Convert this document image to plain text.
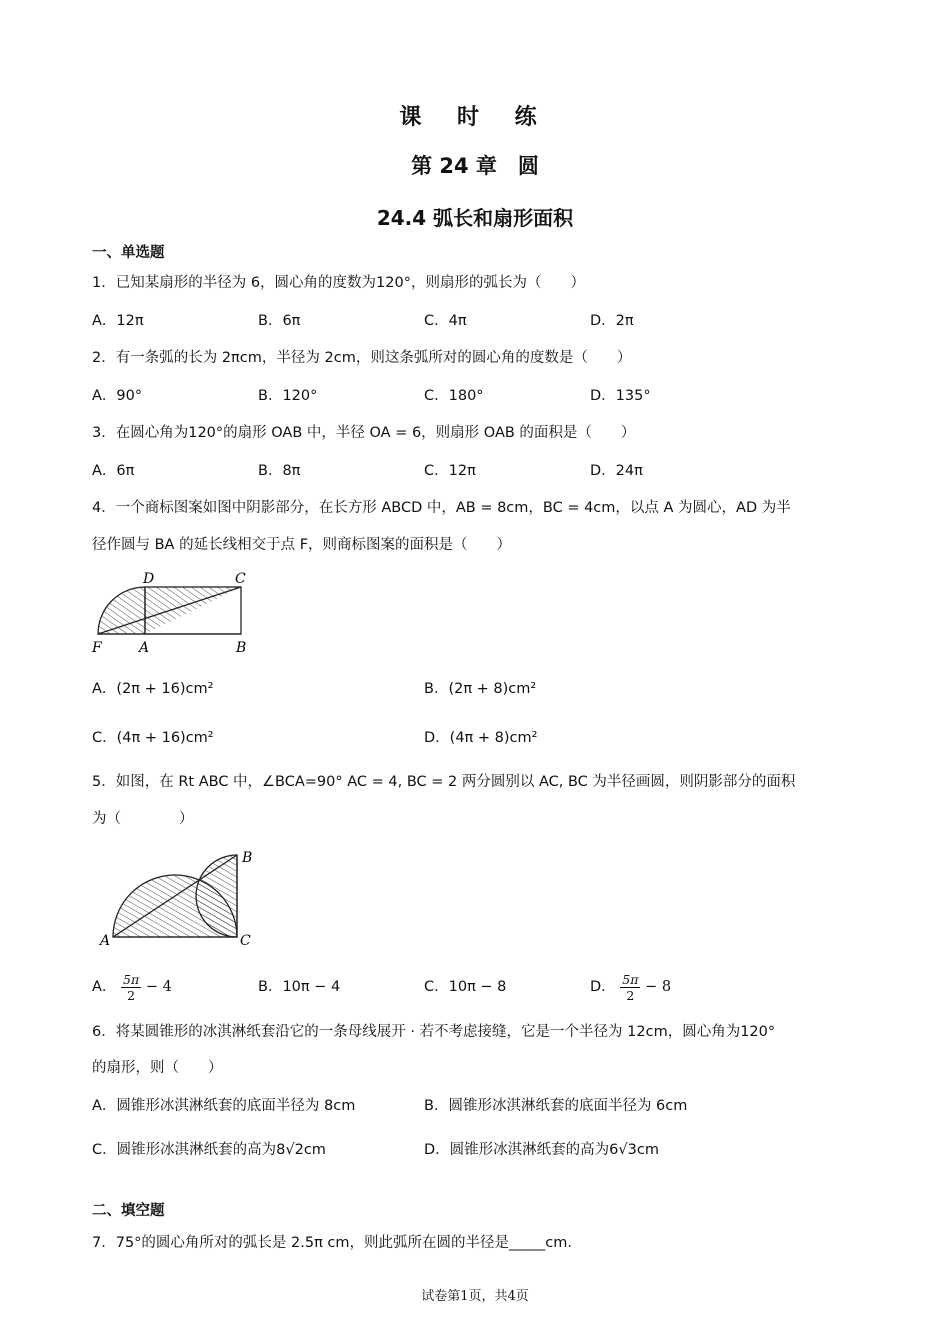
课 时 练
第 24 章　圆
24.4 弧长和扇形面积
一、单选题
1．已知某扇形的半径为 6，圆心角的度数为120°，则扇形的弧长为（　　）
A．12π	B．6π	C．4π	D．2π
2．有一条弧的长为 2πcm，半径为 2cm，则这条弧所对的圆心角的度数是（　　）
A．90°	B．120°	C．180°	D．135°
3．在圆心角为120°的扇形 OAB 中，半径 OA = 6，则扇形 OAB 的面积是（　　）
A．6π	B．8π	C．12π	D．24π
4．一个商标图案如图中阴影部分，在长方形 ABCD 中，AB = 8cm，BC = 4cm，以点 A 为圆心，AD 为半
径作圆与 BA 的延长线相交于点 F，则商标图案的面积是（　　）
D	C
F	A	B
A．(2π + 16)cm²	B．(2π + 8)cm²
C．(4π + 16)cm²	D．(4π + 8)cm²
5．如图，在 Rt ABC 中，∠BCA=90° AC = 4, BC = 2 两分圆别以 AC, BC 为半径画圆，则阴影部分的面积
为（　　　　）
B
A	C
A． $\frac{5\pi}{2} - 4$	B．10π − 4	C．10π − 8	D． $\frac{5\pi}{2} - 8$
6．将某圆锥形的冰淇淋纸套沿它的一条母线展开 · 若不考虑接缝，它是一个半径为 12cm，圆心角为120°
的扇形，则（　　）
A．圆锥形冰淇淋纸套的底面半径为 8cm	B．圆锥形冰淇淋纸套的底面半径为 6cm
C．圆锥形冰淇淋纸套的高为8√2cm	D．圆锥形冰淇淋纸套的高为6√3cm
二、填空题
7．75°的圆心角所对的弧长是 2.5π cm，则此弧所在圆的半径是_____cm．
试卷第1页，共4页
